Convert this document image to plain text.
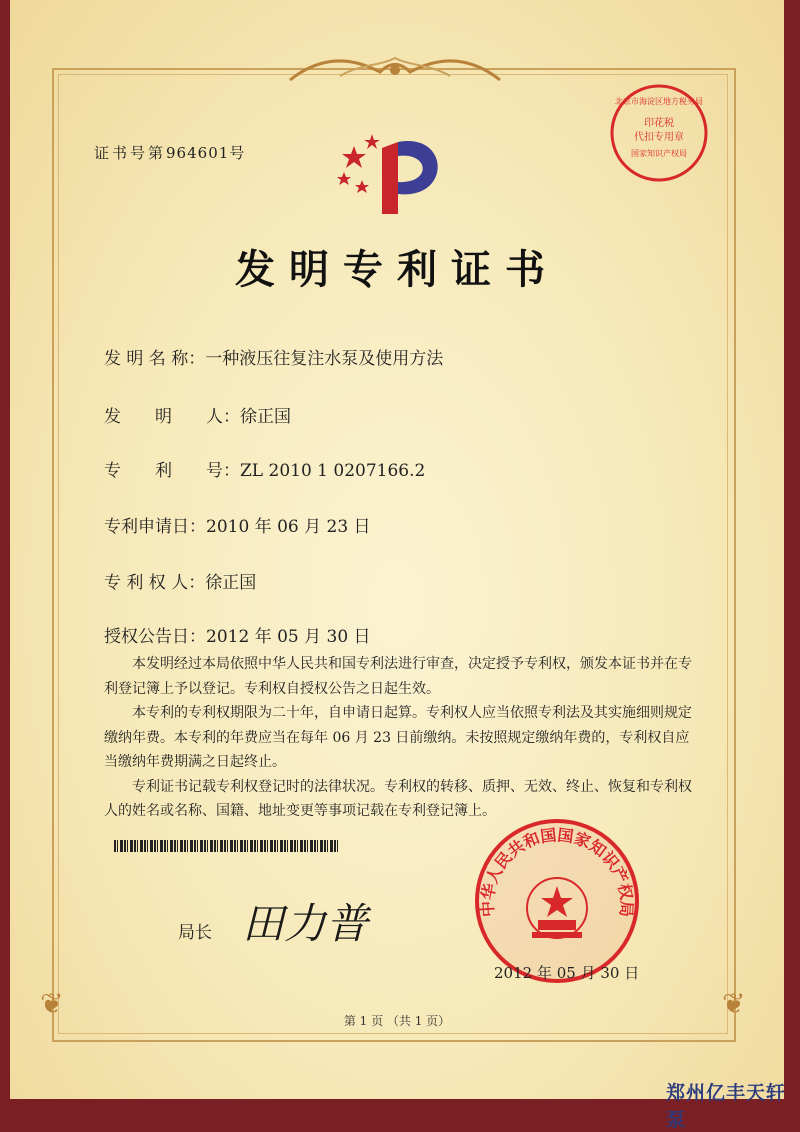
❦	❦
证书号第964601号
印花税
代扣专用章
国家知识产权局
北京市海淀区地方税务局
发明专利证书
发 明 名 称：一种液压往复注水泵及使用方法
发　　明　　人：徐正国
专　　利　　号：ZL 2010 1 0207166.2
专利申请日：2010 年 06 月 23 日
专 利 权 人：徐正国
授权公告日：2012 年 05 月 30 日

本发明经过本局依照中华人民共和国专利法进行审查，决定授予专利权，颁发本证书并在专利登记簿上予以登记。专利权自授权公告之日起生效。

本专利的专利权期限为二十年，自申请日起算。专利权人应当依照专利法及其实施细则规定缴纳年费。本专利的年费应当在每年 06 月 23 日前缴纳。未按照规定缴纳年费的，专利权自应当缴纳年费期满之日起终止。

专利证书记载专利权登记时的法律状况。专利权的转移、质押、无效、终止、恢复和专利权人的姓名或名称、国籍、地址变更等事项记载在专利登记簿上。

局长 田力普	中华人民共和国国家知识产权局
2012 年 05 月 30 日
第 1 页 （共 1 页）
郑州亿丰天轩泵
